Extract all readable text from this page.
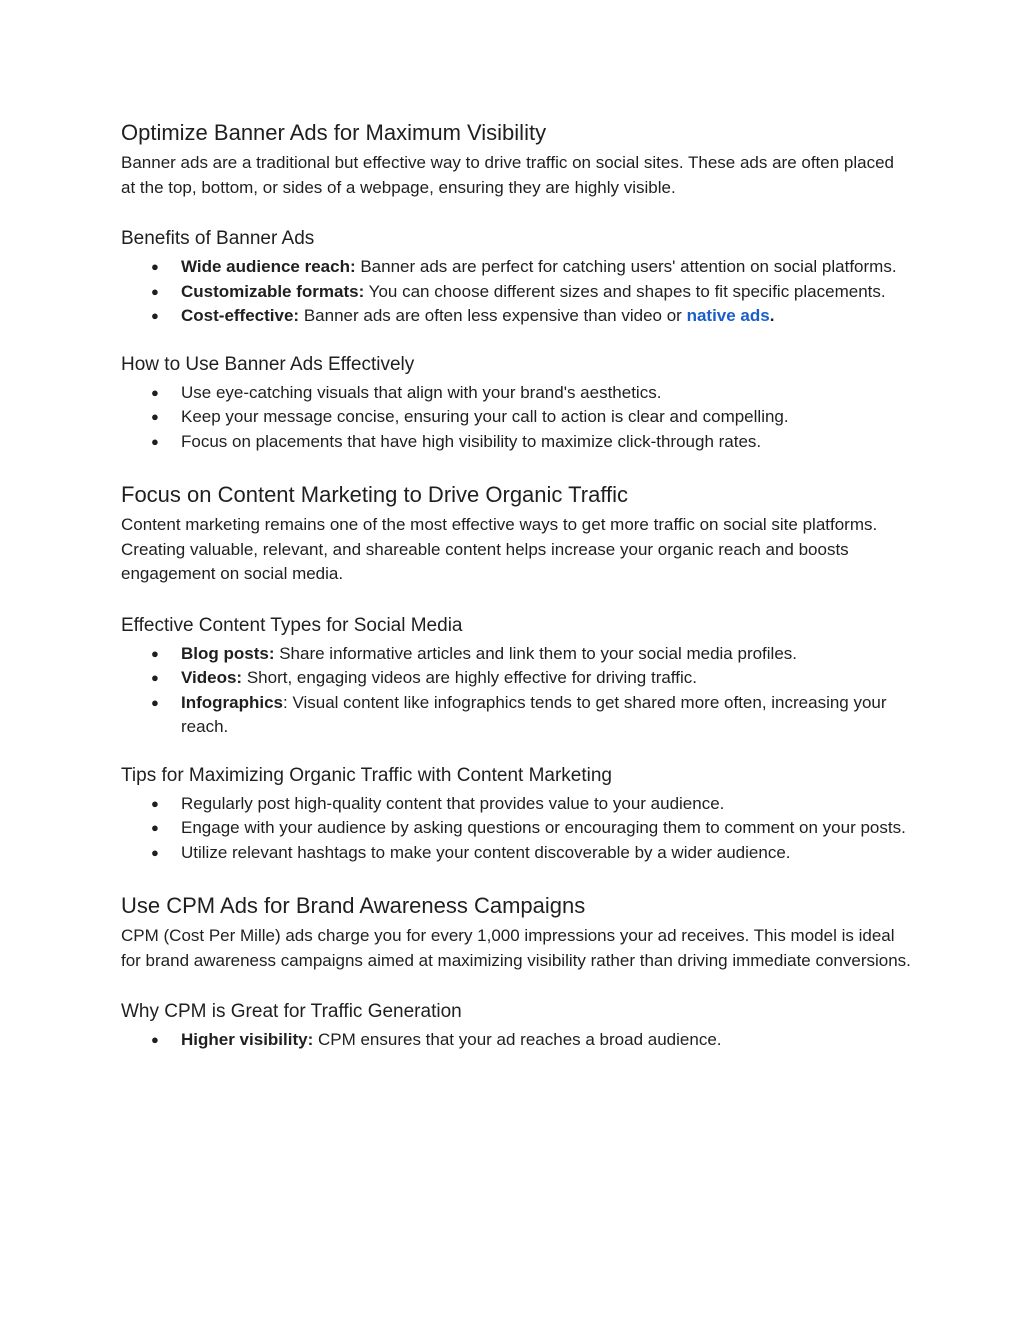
Optimize Banner Ads for Maximum Visibility

Banner ads are a traditional but effective way to drive traffic on social sites. These ads are often placed at the top, bottom, or sides of a webpage, ensuring they are highly visible.

Benefits of Banner Ads
● Wide audience reach: Banner ads are perfect for catching users' attention on social platforms.
● Customizable formats: You can choose different sizes and shapes to fit specific placements.
● Cost-effective: Banner ads are often less expensive than video or native ads.
How to Use Banner Ads Effectively
● Use eye-catching visuals that align with your brand's aesthetics.
● Keep your message concise, ensuring your call to action is clear and compelling.
● Focus on placements that have high visibility to maximize click-through rates.
Focus on Content Marketing to Drive Organic Traffic

Content marketing remains one of the most effective ways to get more traffic on social site platforms. Creating valuable, relevant, and shareable content helps increase your organic reach and boosts engagement on social media.

Effective Content Types for Social Media
● Blog posts: Share informative articles and link them to your social media profiles.
● Videos: Short, engaging videos are highly effective for driving traffic.
● Infographics: Visual content like infographics tends to get shared more often, increasing your reach.
Tips for Maximizing Organic Traffic with Content Marketing
● Regularly post high-quality content that provides value to your audience.
● Engage with your audience by asking questions or encouraging them to comment on your posts.
● Utilize relevant hashtags to make your content discoverable by a wider audience.
Use CPM Ads for Brand Awareness Campaigns

CPM (Cost Per Mille) ads charge you for every 1,000 impressions your ad receives. This model is ideal for brand awareness campaigns aimed at maximizing visibility rather than driving immediate conversions.

Why CPM is Great for Traffic Generation
● Higher visibility: CPM ensures that your ad reaches a broad audience.
